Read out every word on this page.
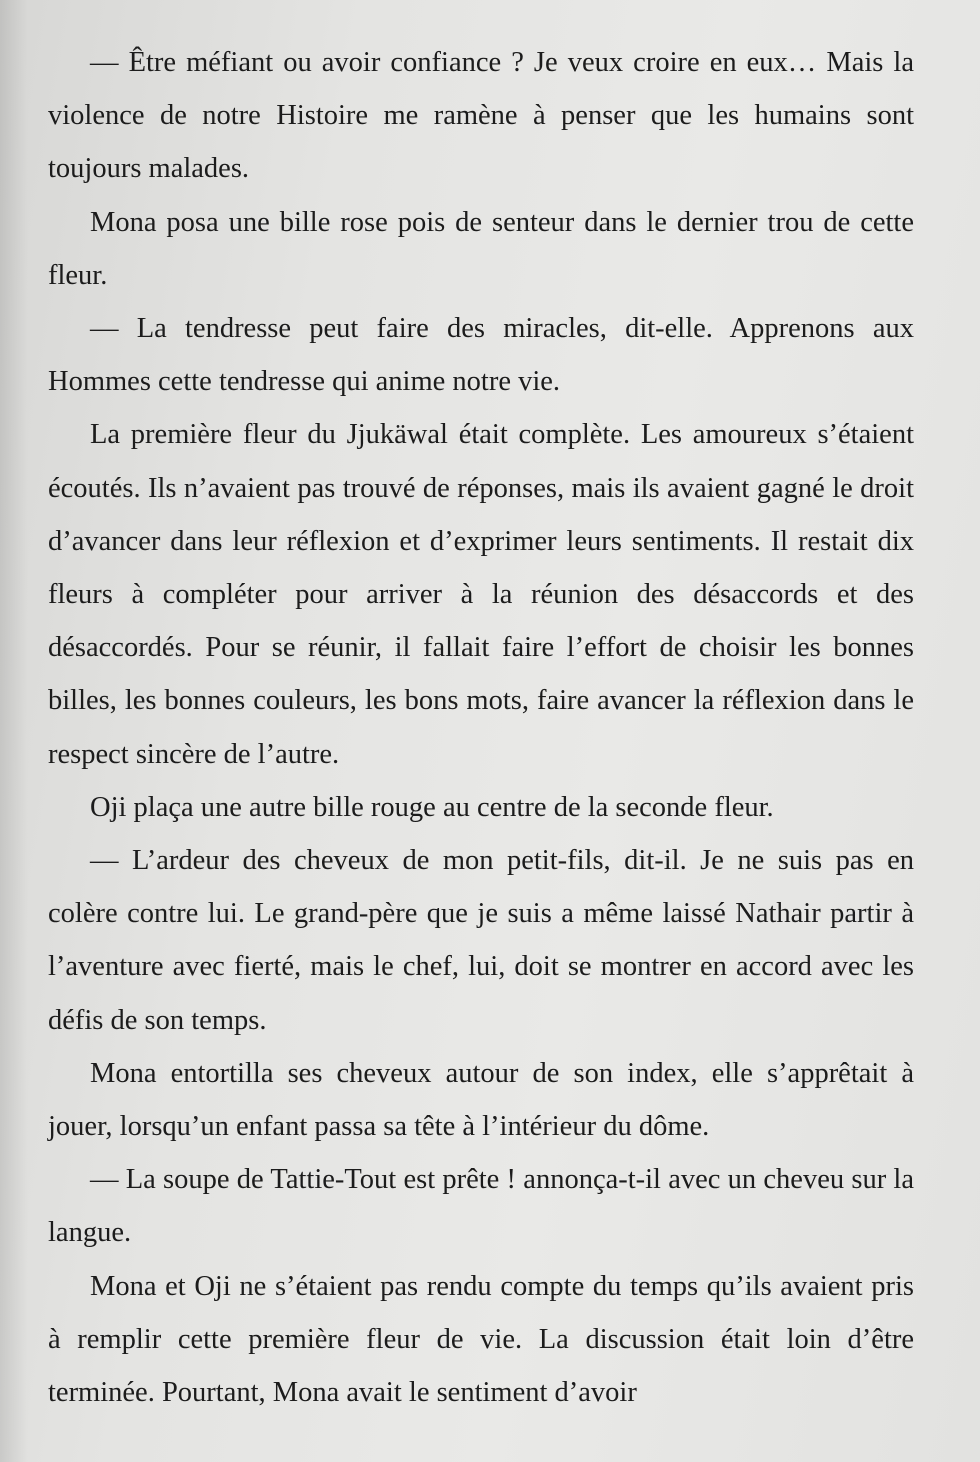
— Être méfiant ou avoir confiance ? Je veux croire en eux… Mais la violence de notre Histoire me ramène à penser que les humains sont toujours malades.

Mona posa une bille rose pois de senteur dans le dernier trou de cette fleur.

— La tendresse peut faire des miracles, dit-elle. Apprenons aux Hommes cette tendresse qui anime notre vie.

La première fleur du Jjukäwal était complète. Les amoureux s’étaient écoutés. Ils n’avaient pas trouvé de réponses, mais ils avaient gagné le droit d’avancer dans leur réflexion et d’exprimer leurs sentiments. Il restait dix fleurs à compléter pour arriver à la réunion des désaccords et des désaccordés. Pour se réunir, il fallait faire l’effort de choisir les bonnes billes, les bonnes couleurs, les bons mots, faire avancer la réflexion dans le respect sincère de l’autre.

Oji plaça une autre bille rouge au centre de la seconde fleur.

— L’ardeur des cheveux de mon petit-fils, dit-il. Je ne suis pas en colère contre lui. Le grand-père que je suis a même laissé Nathair partir à l’aventure avec fierté, mais le chef, lui, doit se montrer en accord avec les défis de son temps.

Mona entortilla ses cheveux autour de son index, elle s’apprêtait à jouer, lorsqu’un enfant passa sa tête à l’intérieur du dôme.

— La soupe de Tattie-Tout est prête ! annonça-t-il avec un cheveu sur la langue.

Mona et Oji ne s’étaient pas rendu compte du temps qu’ils avaient pris à remplir cette première fleur de vie. La discussion était loin d’être terminée. Pourtant, Mona avait le sentiment d’avoir
